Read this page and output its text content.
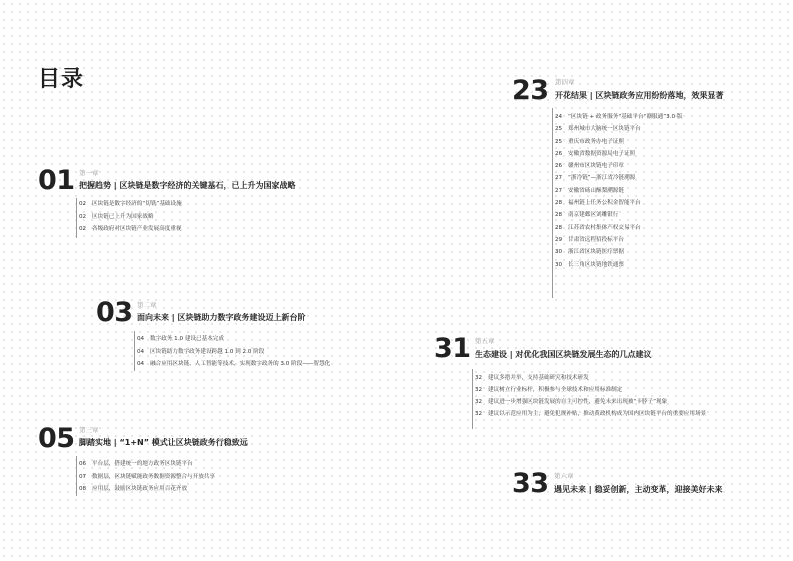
目录
01 第一章
把握趋势 | 区块链是数字经济的关键基石，已上升为国家战略
02 区块链是数字经济的“切铣”基础设施
02 区块链已上升为国家战略
02 各级政府对区块链产业发展高度重视
03 第二章
面向未来 | 区块链助力数字政务建设迈上新台阶
04 数字政务 1.0 建设已基本完成
04 区块链助力数字政务建设跨越 1.0 到 2.0 阶段
04 融合应用区块链、人工智能等技术，实现数字政务的 3.0 阶段——智慧化
05 第三章
脚踏实地 | “1+N” 模式让区块链政务行稳致远
06 平台层，搭建统一的地方政务区块链平台
07 数据层，区块链赋能政务数据资源整合与开放共享
08 应用层，鼓励区块链政务应用百花齐放
23 第四章
开花结果 | 区块链政务应用纷纷落地，效果显著
24 “区块链 + 政务服务”基础平台“赣服通”3.0 版
25 郑州城市大脑统一区块链平台
25 重庆市政务办电子证照
26 安徽省数据资源局电子证照
26 赣州市区块链电子印章
27 “浙冷链”—浙江省冷链溯源
27 安徽省砀山酥梨溯源链
28 福州链上任务公积金智能平台
28 南京建邺区刘雕银行
28 江苏省农村集体产权交易平台
29 甘肃省远程招投标平台
30 浙江省区块链医疗票据
30 长三角区块链地铁通票
31 第五章
生态建设 | 对优化我国区块链发展生态的几点建议
32 建议多措并举，支持基础研究和技术研发
32 建议树立行业标杆，积极参与全球技术和应用标准制定
32 建议进一步增强区块链发展的自主可控性，避免未来出现被“卡脖子”现象
32 建议以示范应用为主，避免犯规补贴，推动黄政机构成为国内区块链平台的重要应用场景
33 第六章
遇见未来 | 稳妥创新，主动变革，迎接美好未来
